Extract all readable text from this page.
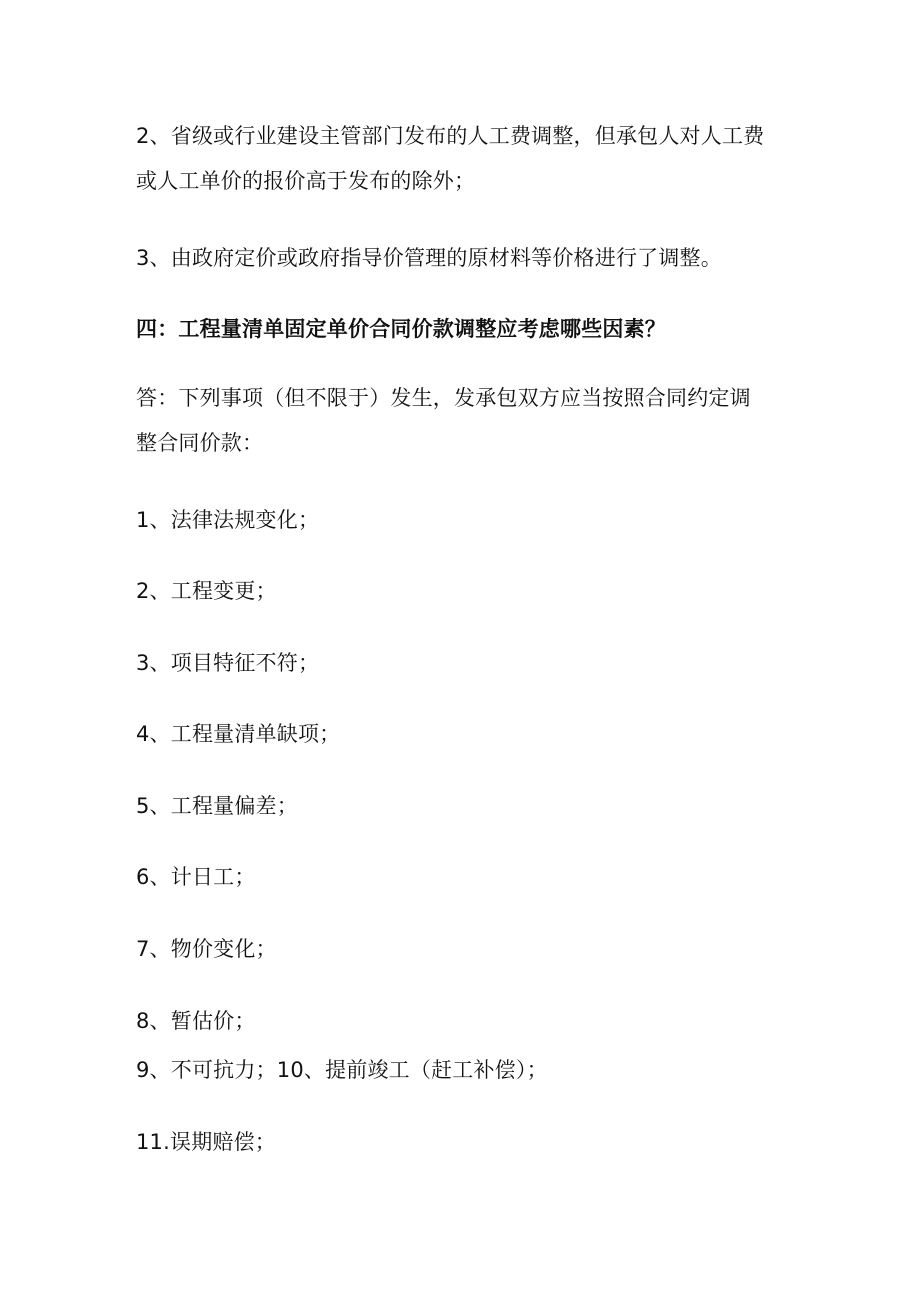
2、省级或行业建设主管部门发布的人工费调整，但承包人对人工费
或人工单价的报价高于发布的除外；
3、由政府定价或政府指导价管理的原材料等价格进行了调整。
四：工程量清单固定单价合同价款调整应考虑哪些因素？
答：下列事项（但不限于）发生，发承包双方应当按照合同约定调
整合同价款：
1、法律法规变化；
2、工程变更；
3、项目特征不符；
4、工程量清单缺项；
5、工程量偏差；
6、计日工；
7、物价变化；
8、暂估价；
9、不可抗力；10、提前竣工（赶工补偿）；
11.误期赔偿；
